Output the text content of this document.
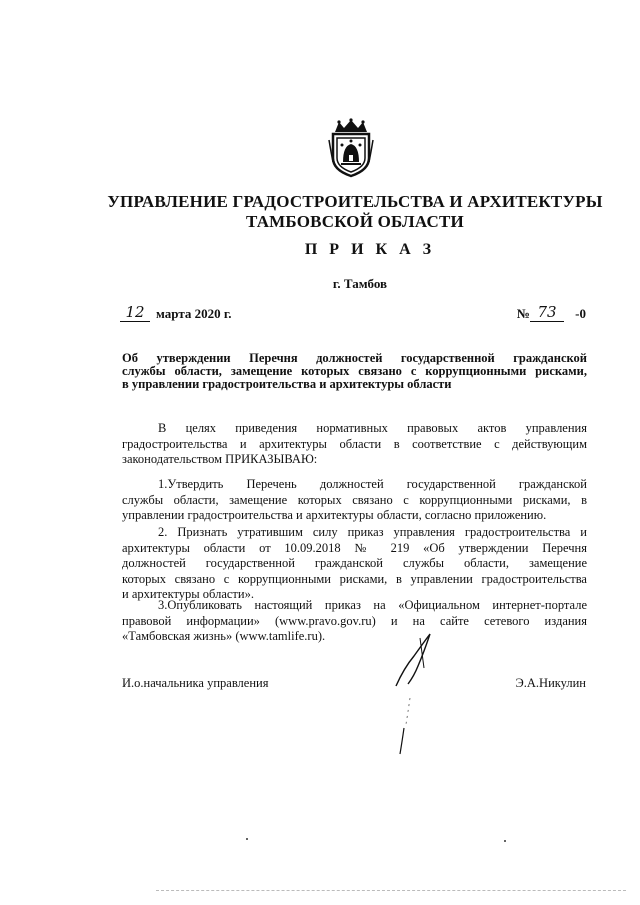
УПРАВЛЕНИЕ ГРАДОСТРОИТЕЛЬСТВА И АРХИТЕКТУРЫ
ТАМБОВСКОЙ ОБЛАСТИ
П Р И К А З
г. Тамбов
12 марта 2020 г.	№ 73	-0
Об утверждении Перечня должностей государственной гражданской
службы области, замещение которых связано с коррупционными рисками,
в управлении градостроительства и архитектуры области
В целях приведения нормативных правовых актов управления
градостроительства и архитектуры области в соответствие с действующим
законодательством ПРИКАЗЫВАЮ:
1.Утвердить Перечень должностей государственной гражданской
службы области, замещение которых связано с коррупционными рисками, в
управлении градостроительства и архитектуры области, согласно приложению.
2. Признать утратившим силу приказ управления градостроительства и
архитектуры области от 10.09.2018 № 219 «Об утверждении Перечня
должностей государственной гражданской службы области, замещение
которых связано с коррупционными рисками, в управлении градостроительства
и архитектуры области».
3.Опубликовать настоящий приказ на «Официальном интернет-портале
правовой информации» (www.pravo.gov.ru) и на сайте сетевого издания
«Тамбовская жизнь» (www.tamlife.ru).
И.о.начальника управления	Э.А.Никулин
